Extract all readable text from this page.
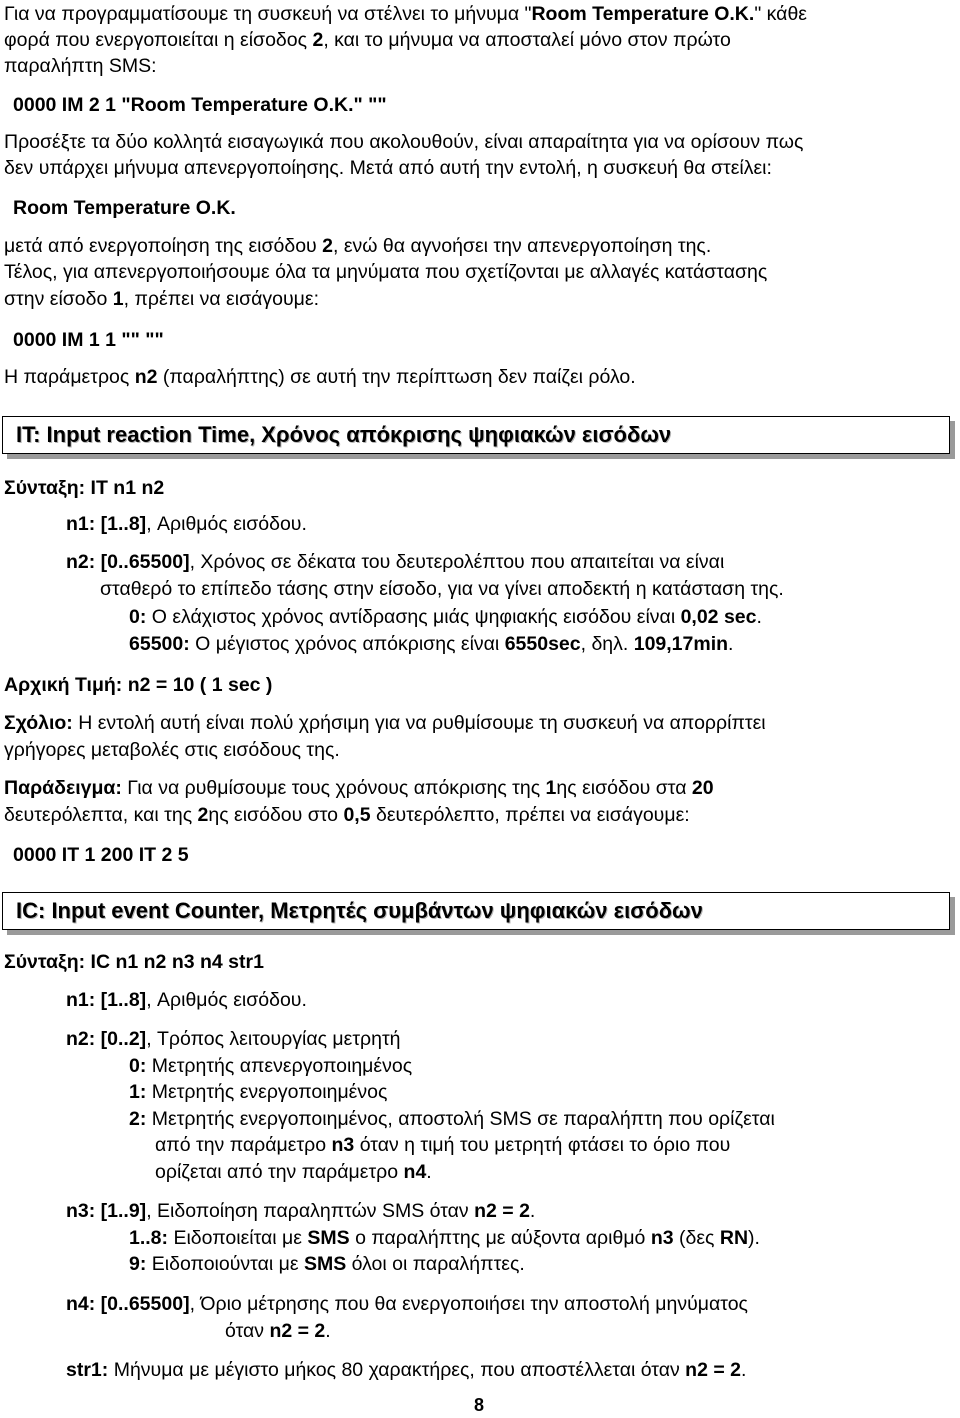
Για να προγραμματίσουμε τη συσκευή να στέλνει το μήνυμα "Room Temperature O.K." κάθε
φορά που ενεργοποιείται η είσοδος 2, και το μήνυμα να αποσταλεί μόνο στον πρώτο
παραλήπτη SMS:
0000 IM 2 1 "Room Temperature O.K." ""
Προσέξτε τα δύο κολλητά εισαγωγικά που ακολουθούν, είναι απαραίτητα για να ορίσουν πως
δεν υπάρχει μήνυμα απενεργοποίησης. Μετά από αυτή την εντολή, η συσκευή θα στείλει:
Room Temperature O.K.
μετά από ενεργοποίηση της εισόδου 2, ενώ θα αγνοήσει την απενεργοποίηση της.
Τέλος, για απενεργοποιήσουμε όλα τα μηνύματα που σχετίζονται με αλλαγές κατάστασης
στην είσοδο 1, πρέπει να εισάγουμε:
0000 IM 1 1 "" ""
Η παράμετρος n2 (παραλήπτης) σε αυτή την περίπτωση δεν παίζει ρόλο.
IT: Input reaction Time, Χρόνος απόκρισης ψηφιακών εισόδων
Σύνταξη: IT n1 n2
n1: [1..8], Αριθμός εισόδου.
n2: [0..65500], Χρόνος σε δέκατα του δευτερολέπτου που απαιτείται να είναι
σταθερό το επίπεδο τάσης στην είσοδο, για να γίνει αποδεκτή η κατάσταση της.
0: Ο ελάχιστος χρόνος αντίδρασης μιάς ψηφιακής εισόδου είναι 0,02 sec.
65500: Ο μέγιστος χρόνος απόκρισης είναι 6550sec, δηλ. 109,17min.
Αρχική Τιμή: n2 = 10 ( 1 sec )
Σχόλιο: Η εντολή αυτή είναι πολύ χρήσιμη για να ρυθμίσουμε τη συσκευή να απορρίπτει
γρήγορες μεταβολές στις εισόδους της.
Παράδειγμα: Για να ρυθμίσουμε τους χρόνους απόκρισης της 1ης εισόδου στα 20
δευτερόλεπτα, και της 2ης εισόδου στο 0,5 δευτερόλεπτο, πρέπει να εισάγουμε:
0000 IT 1 200 IT 2 5
IC: Input event Counter, Μετρητές συμβάντων ψηφιακών εισόδων
Σύνταξη: IC n1 n2 n3 n4 str1
n1: [1..8], Αριθμός εισόδου.
n2: [0..2], Τρόπος λειτουργίας μετρητή
0: Μετρητής απενεργοποιημένος
1: Μετρητής ενεργοποιημένος
2: Μετρητής ενεργοποιημένος, αποστολή SMS σε παραλήπτη που ορίζεται
από την παράμετρο n3 όταν η τιμή του μετρητή φτάσει το όριο που
ορίζεται από την παράμετρο n4.
n3: [1..9], Ειδοποίηση παραληπτών SMS όταν n2 = 2.
1..8: Ειδοποιείται με SMS ο παραλήπτης με αύξοντα αριθμό n3 (δες RN).
9: Ειδοποιούνται με SMS όλοι οι παραλήπτες.
n4: [0..65500], Όριο μέτρησης που θα ενεργοποιήσει την αποστολή μηνύματος
όταν n2 = 2.
str1: Μήνυμα με μέγιστο μήκος 80 χαρακτήρες, που αποστέλλεται όταν n2 = 2.
8
